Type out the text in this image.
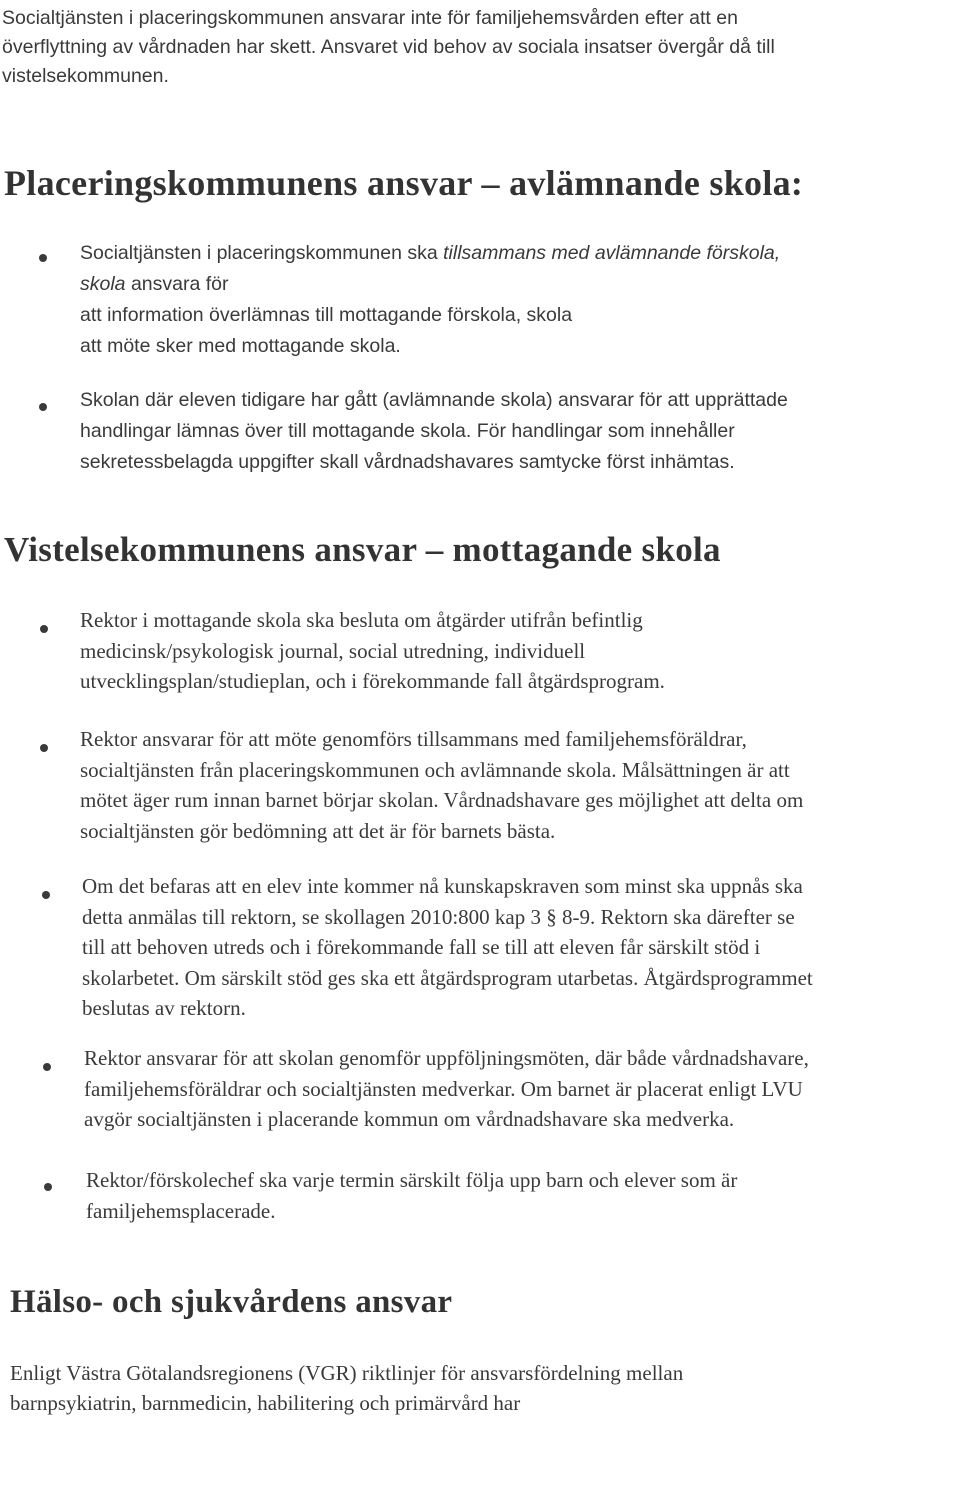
Socialtjänsten i placeringskommunen ansvarar inte för familjehemsvården efter att en
överflyttning av vårdnaden har skett. Ansvaret vid behov av sociala insatser övergår då till
vistelsekommunen.

Placeringskommunens ansvar – avlämnande skola:

Socialtjänsten i placeringskommunen ska tillsammans med avlämnande förskola,
skola ansvara för
att information överlämnas till mottagande förskola, skola
att möte sker med mottagande skola.

Skolan där eleven tidigare har gått (avlämnande skola) ansvarar för att upprättade
handlingar lämnas över till mottagande skola. För handlingar som innehåller
sekretessbelagda uppgifter skall vårdnadshavares samtycke först inhämtas.

Vistelsekommunens ansvar – mottagande skola

Rektor i mottagande skola ska besluta om åtgärder utifrån befintlig
medicinsk/psykologisk journal, social utredning, individuell
utvecklingsplan/studieplan, och i förekommande fall åtgärdsprogram.

Rektor ansvarar för att möte genomförs tillsammans med familjehemsföräldrar,
socialtjänsten från placeringskommunen och avlämnande skola. Målsättningen är att
mötet äger rum innan barnet börjar skolan. Vårdnadshavare ges möjlighet att delta om
socialtjänsten gör bedömning att det är för barnets bästa.

Om det befaras att en elev inte kommer nå kunskapskraven som minst ska uppnås ska
detta anmälas till rektorn, se skollagen 2010:800 kap 3 § 8-9. Rektorn ska därefter se
till att behoven utreds och i förekommande fall se till att eleven får särskilt stöd i
skolarbetet. Om särskilt stöd ges ska ett åtgärdsprogram utarbetas. Åtgärdsprogrammet
beslutas av rektorn.

Rektor ansvarar för att skolan genomför uppföljningsmöten, där både vårdnadshavare,
familjehemsföräldrar och socialtjänsten medverkar. Om barnet är placerat enligt LVU
avgör socialtjänsten i placerande kommun om vårdnadshavare ska medverka.

Rektor/förskolechef ska varje termin särskilt följa upp barn och elever som är
familjehemsplacerade.

Hälso- och sjukvårdens ansvar

Enligt Västra Götalandsregionens (VGR) riktlinjer för ansvarsfördelning mellan
barnpsykiatrin, barnmedicin, habilitering och primärvård har
